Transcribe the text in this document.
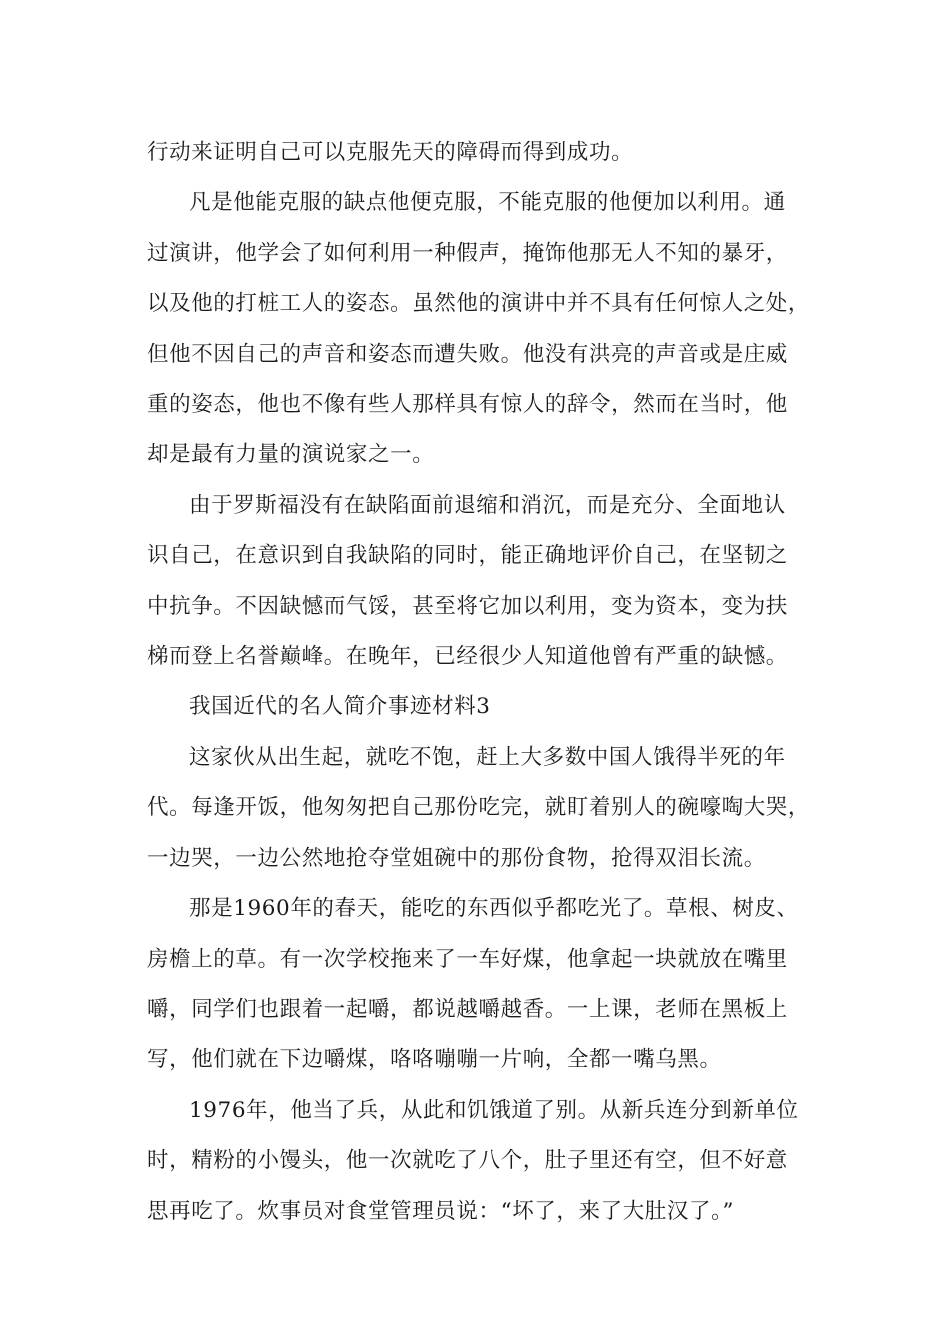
行动来证明自己可以克服先天的障碍而得到成功。
凡是他能克服的缺点他便克服，不能克服的他便加以利用。通
过演讲，他学会了如何利用一种假声，掩饰他那无人不知的暴牙，
以及他的打桩工人的姿态。虽然他的演讲中并不具有任何惊人之处，
但他不因自己的声音和姿态而遭失败。他没有洪亮的声音或是庄威
重的姿态，他也不像有些人那样具有惊人的辞令，然而在当时，他
却是最有力量的演说家之一。
由于罗斯福没有在缺陷面前退缩和消沉，而是充分、全面地认
识自己，在意识到自我缺陷的同时，能正确地评价自己，在坚韧之
中抗争。不因缺憾而气馁，甚至将它加以利用，变为资本，变为扶
梯而登上名誉巅峰。在晚年，已经很少人知道他曾有严重的缺憾。
我国近代的名人简介事迹材料3
这家伙从出生起，就吃不饱，赶上大多数中国人饿得半死的年
代。每逢开饭，他匆匆把自己那份吃完，就盯着别人的碗嚎啕大哭，
一边哭，一边公然地抢夺堂姐碗中的那份食物，抢得双泪长流。
那是1960年的春天，能吃的东西似乎都吃光了。草根、树皮、
房檐上的草。有一次学校拖来了一车好煤，他拿起一块就放在嘴里
嚼，同学们也跟着一起嚼，都说越嚼越香。一上课，老师在黑板上
写，他们就在下边嚼煤，咯咯嘣嘣一片响，全都一嘴乌黑。
1976年，他当了兵，从此和饥饿道了别。从新兵连分到新单位
时，精粉的小馒头，他一次就吃了八个，肚子里还有空，但不好意
思再吃了。炊事员对食堂管理员说：“坏了，来了大肚汉了。”
